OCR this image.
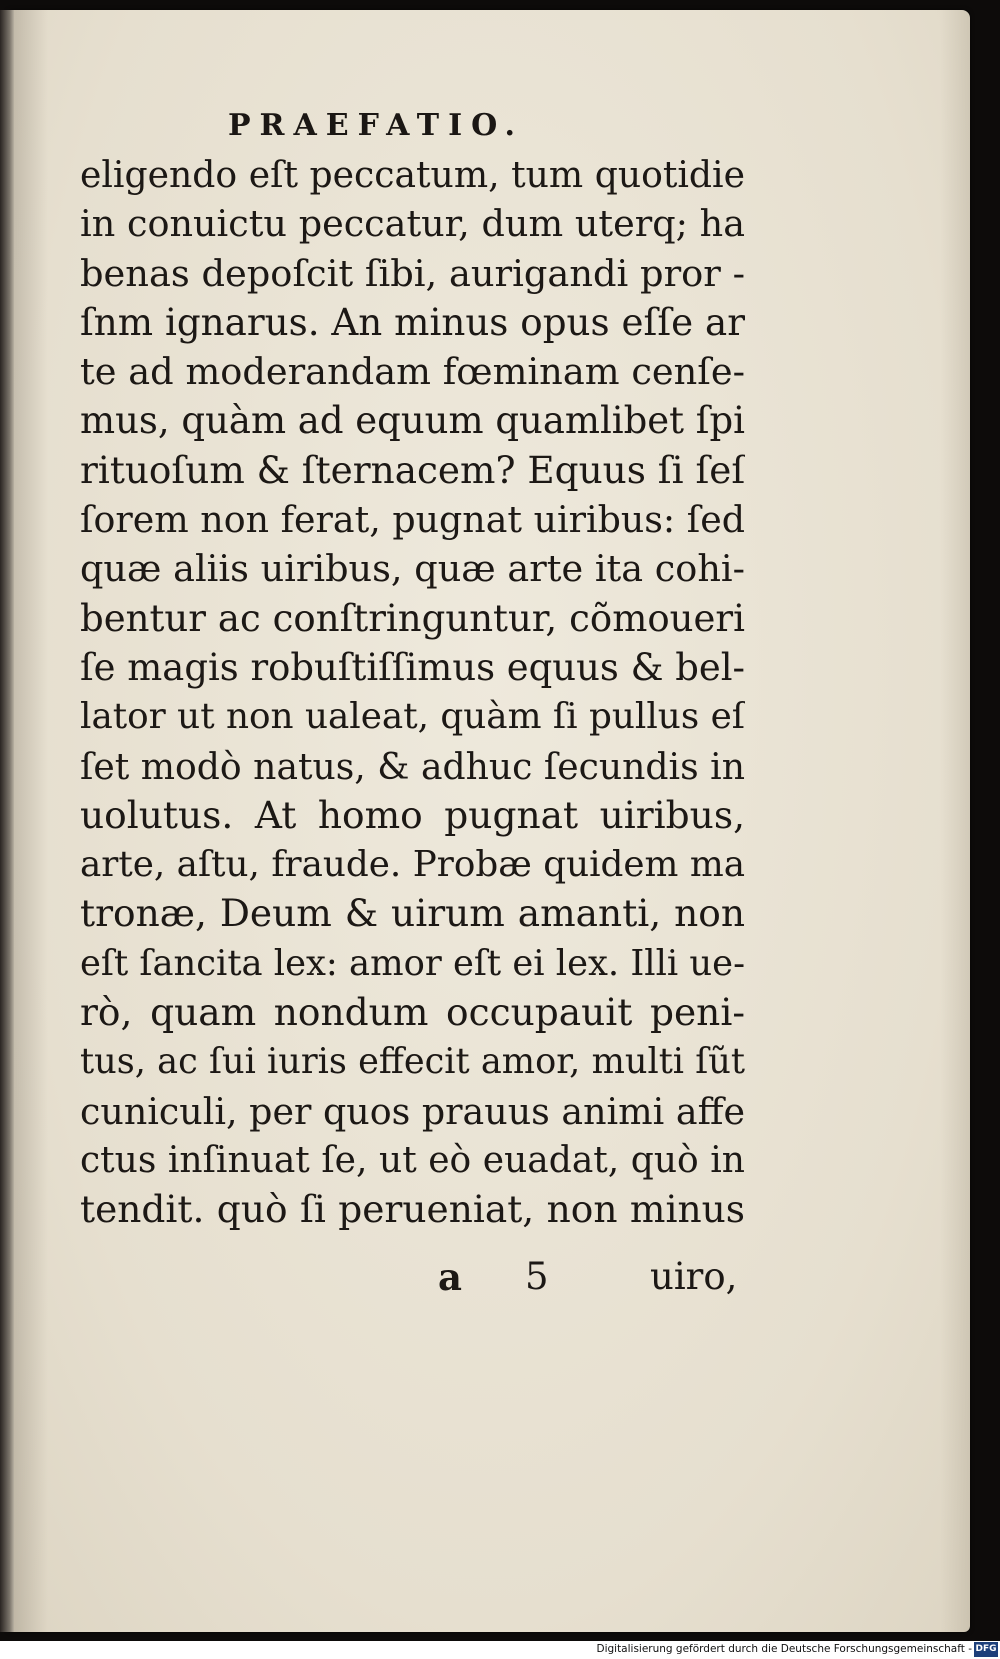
PRAEFATIO.
eligendo eſt peccatum, tum quotidie
in conuictu peccatur, dum uterq; ha
benas depoſcit ſibi, aurigandi pror -
ſnm ignarus. An minus opus eſſe ar
te ad moderandam fœminam cenſe-
mus, quàm ad equum quamlibet ſpi
rituoſum & ſternacem? Equus ſi ſeſ
ſorem non ferat, pugnat uiribus: ſed
quæ aliis uiribus, quæ arte ita cohi-
bentur ac conſtringuntur, cõmoueri
ſe magis robuſtiſſimus equus & bel-
lator ut non ualeat, quàm ſi pullus eſ
ſet modò natus, & adhuc ſecundis in
uolutus. At homo pugnat uiribus,
arte, aſtu, fraude. Probæ quidem ma
tronæ, Deum & uirum amanti, non
eſt ſancita lex: amor eſt ei lex. Illi ue-
rò, quam nondum occupauit peni-
tus, ac ſui iuris effecit amor, multi ſũt
cuniculi, per quos prauus animi affe
ctus inſinuat ſe, ut eò euadat, quò in
tendit. quò ſi perueniat, non minus
a 5	uiro,
Digitalisierung gefördert durch die Deutsche Forschungsgemeinschaft - DFG
